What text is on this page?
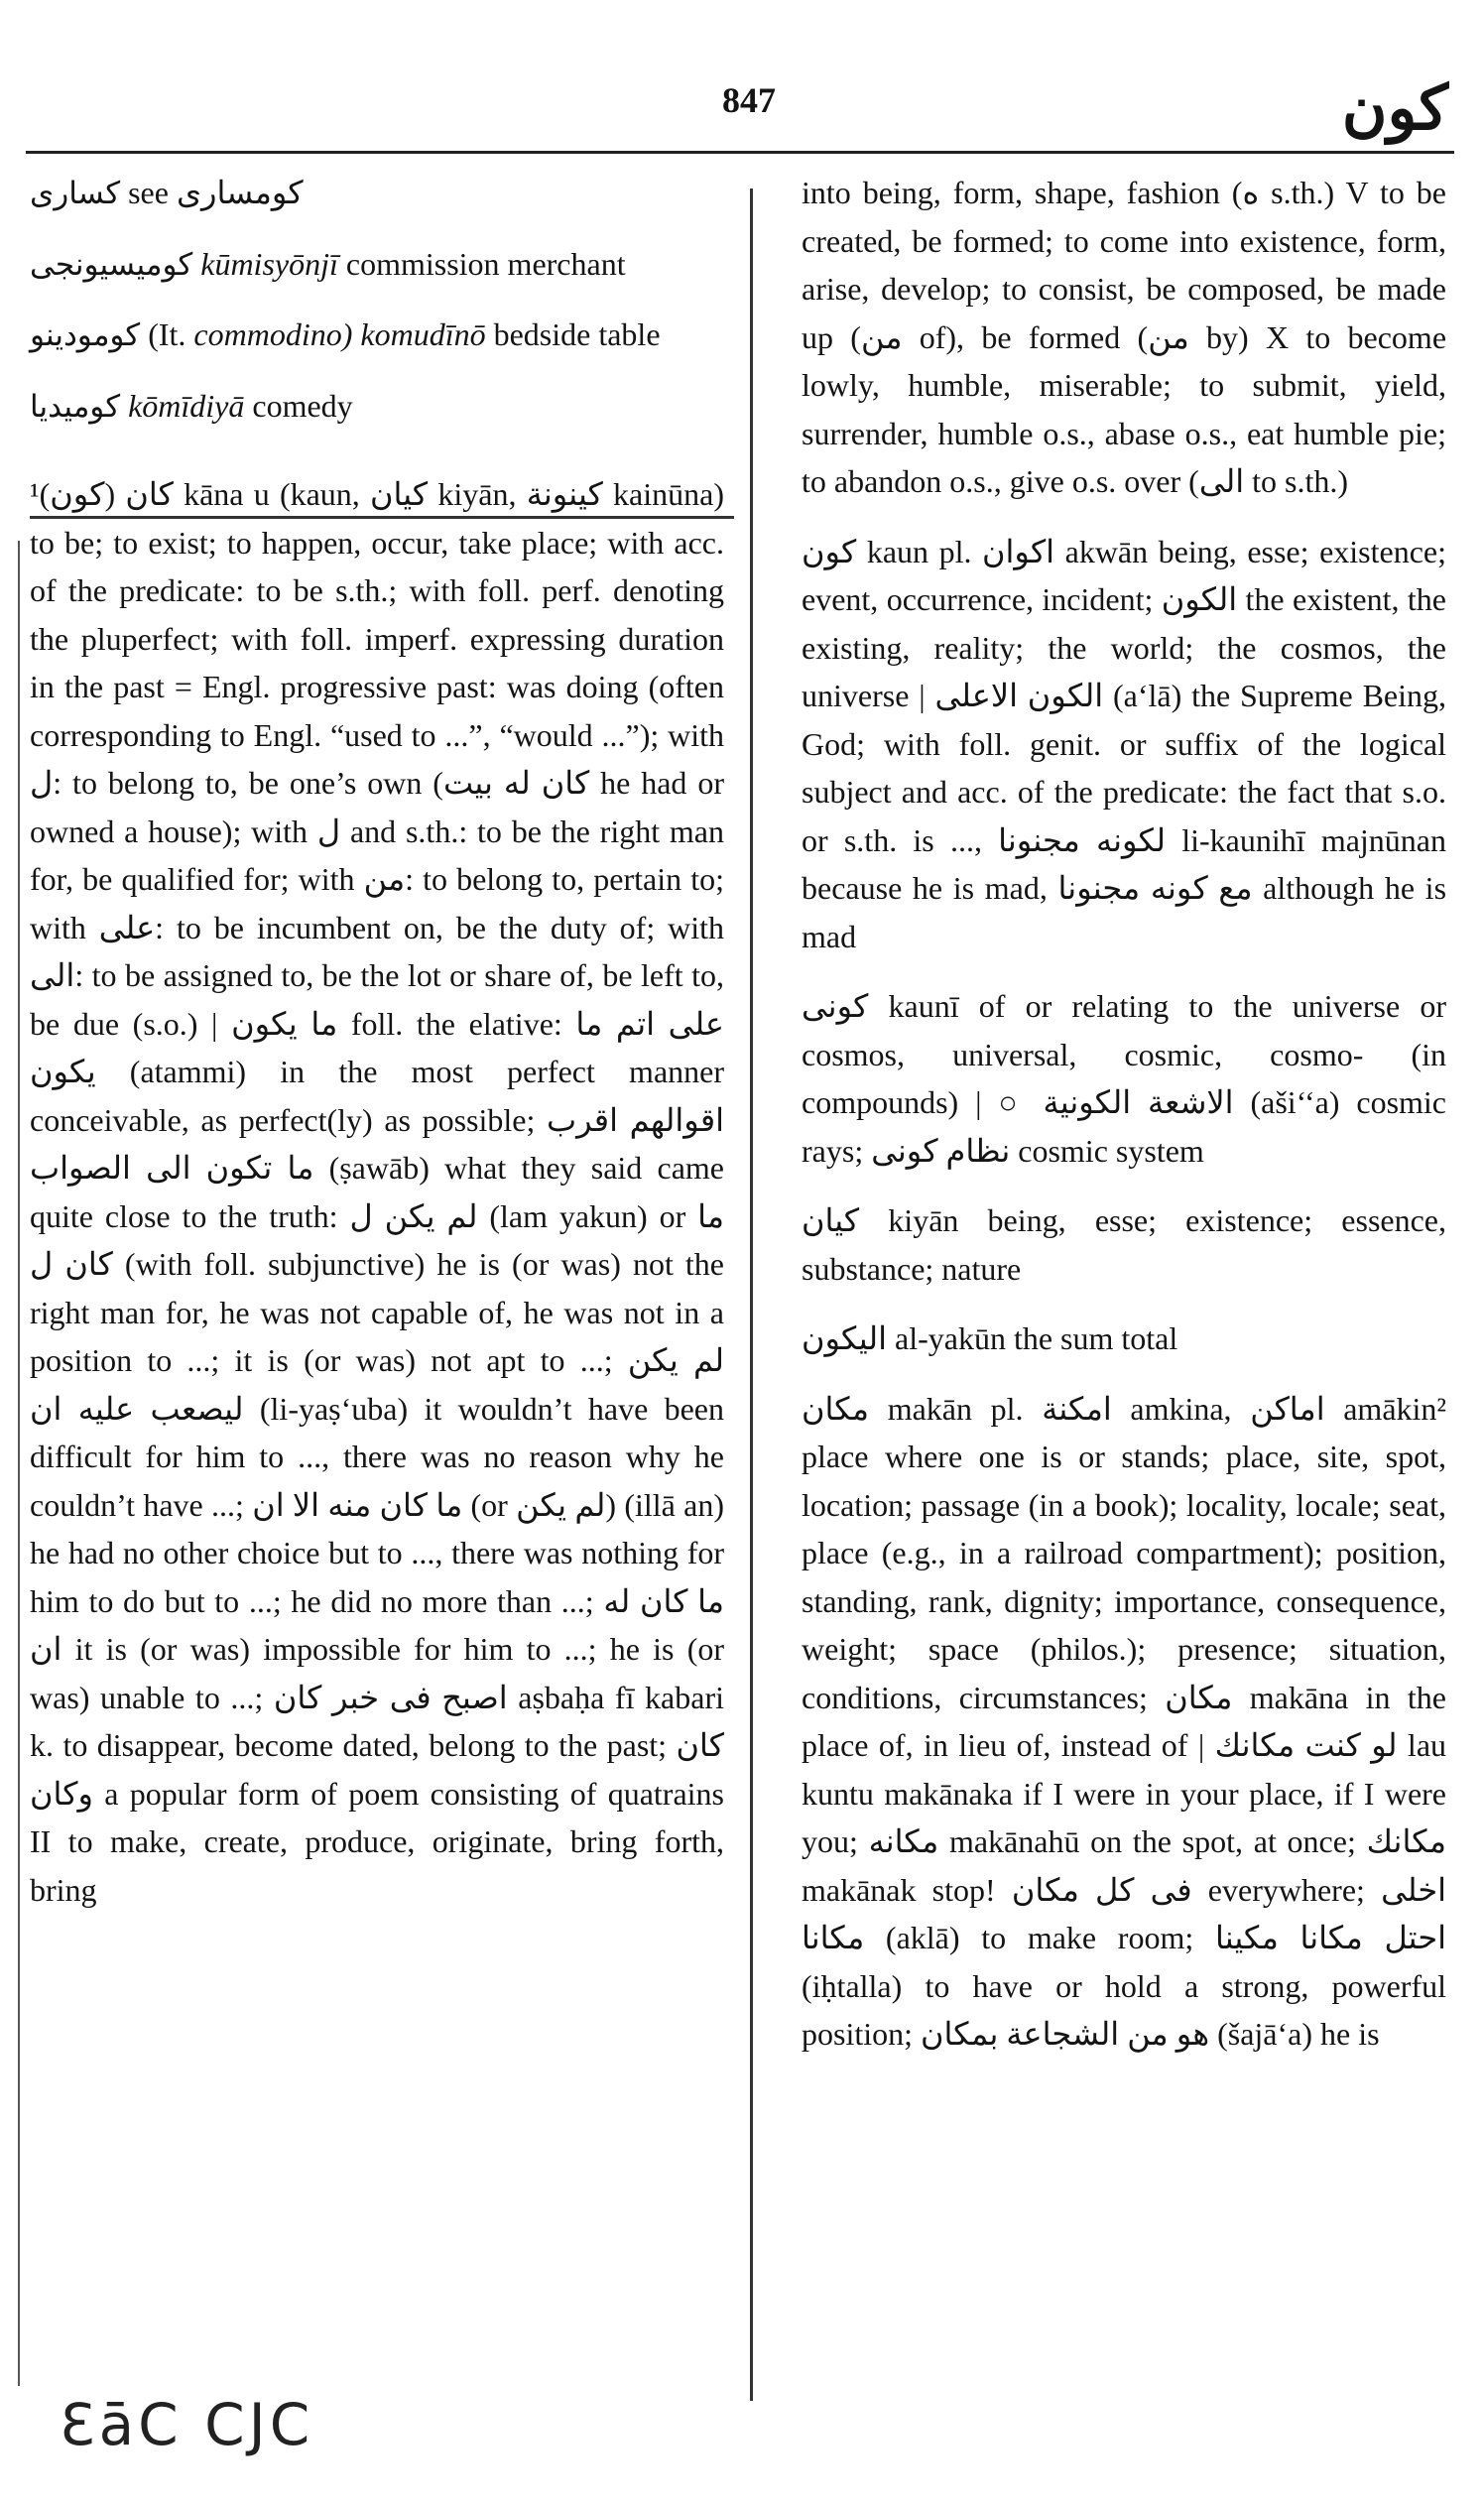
847	كون
كسارى see كومسارى
كوميسيونجى kūmisyōnjī commission merchant
كومودينو (It. commodino) komudīnō bedside table
كوميديا kōmīdiyā comedy
¹(كون) كان kāna u (kaun, كيان kiyān, كينونة kainūna) to be; to exist; to happen, occur, take place; with acc. of the predicate: to be s.th.; with foll. perf. denoting the pluperfect; with foll. imperf. expressing duration in the past = Engl. progressive past: was doing (often corresponding to Engl. “used to ...”, “would ...”); with ل: to belong to, be one’s own (كان له بيت he had or owned a house); with ل and s.th.: to be the right man for, be qualified for; with من: to belong to, pertain to; with على: to be incumbent on, be the duty of; with الى: to be assigned to, be the lot or share of, be left to, be due (s.o.) | ما يكون foll. the elative: على اتم ما يكون (atammi) in the most perfect manner conceivable, as perfect(ly) as possible; اقوالهم اقرب ما تكون الى الصواب (ṣawāb) what they said came quite close to the truth: لم يكن ل (lam yakun) or ما كان ل (with foll. subjunctive) he is (or was) not the right man for, he was not capable of, he was not in a position to ...; it is (or was) not apt to ...; لم يكن ليصعب عليه ان (li-yaṣ‘uba) it wouldn’t have been difficult for him to ..., there was no reason why he couldn’t have ...; ما كان منه الا ان (or لم يكن) (illā an) he had no other choice but to ..., there was nothing for him to do but to ...; he did no more than ...; ما كان له ان it is (or was) impossible for him to ...; he is (or was) unable to ...; اصبح فى خبر كان aṣbaḥa fī kabari k. to disappear, become dated, belong to the past; كان وكان a popular form of poem consisting of quatrains II to make, create, produce, originate, bring forth, bring
into being, form, shape, fashion (ه s.th.) V to be created, be formed; to come into existence, form, arise, develop; to consist, be composed, be made up (من of), be formed (من by) X to become lowly, humble, miserable; to submit, yield, surrender, humble o.s., abase o.s., eat humble pie; to abandon o.s., give o.s. over (الى to s.th.)
كون kaun pl. اكوان akwān being, esse; existence; event, occurrence, incident; الكون the existent, the existing, reality; the world; the cosmos, the universe | الكون الاعلى (a‘lā) the Supreme Being, God; with foll. genit. or suffix of the logical subject and acc. of the predicate: the fact that s.o. or s.th. is ..., لكونه مجنونا li-kaunihī majnūnan because he is mad, مع كونه مجنونا although he is mad
كونى kaunī of or relating to the universe or cosmos, universal, cosmic, cosmo- (in compounds) | ○ الاشعة الكونية (aši‘‘a) cosmic rays; نظام كونى cosmic system
كيان kiyān being, esse; existence; essence, substance; nature
اليكون al-yakūn the sum total
مكان makān pl. امكنة amkina, اماكن amākin² place where one is or stands; place, site, spot, location; passage (in a book); locality, locale; seat, place (e.g., in a railroad compartment); position, standing, rank, dignity; importance, consequence, weight; space (philos.); presence; situation, conditions, circumstances; مكان makāna in the place of, in lieu of, instead of | لو كنت مكانك lau kuntu makānaka if I were in your place, if I were you; مكانه makānahū on the spot, at once; مكانك makānak stop! فى كل مكان everywhere; اخلى مكانا (aklā) to make room; احتل مكانا مكينا (iḥtalla) to have or hold a strong, powerful position; هو من الشجاعة بمكان (šajā‘a) he is
ƐāC CJC
